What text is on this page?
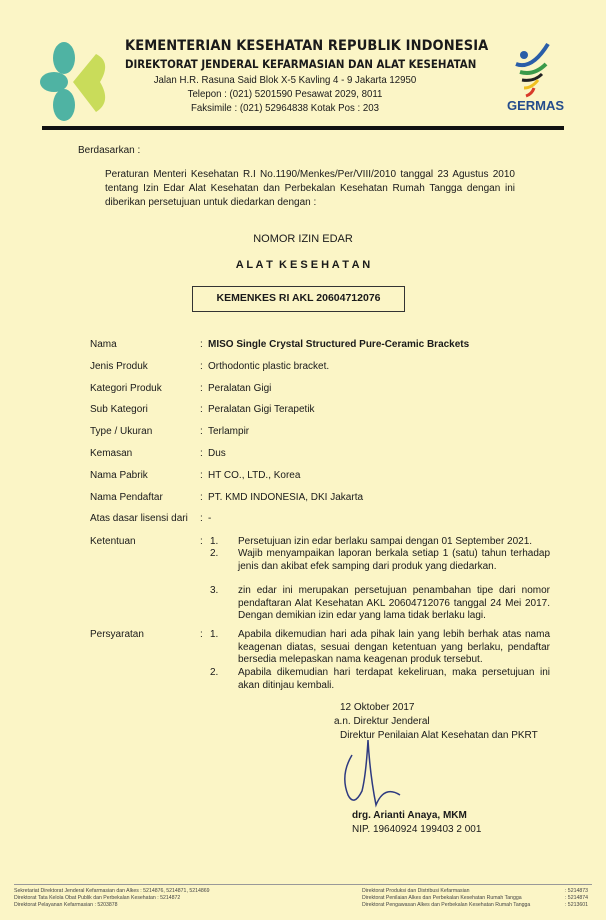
KEMENTERIAN KESEHATAN REPUBLIK INDONESIA
DIREKTORAT JENDERAL KEFARMASIAN DAN ALAT KESEHATAN
Jalan H.R. Rasuna Said Blok X-5 Kavling 4 - 9 Jakarta 12950
Telepon : (021) 5201590 Pesawat 2029, 8011
Faksimile : (021) 52964838 Kotak Pos : 203	GERMAS
Berdasarkan :
Peraturan Menteri Kesehatan R.I No.1190/Menkes/Per/VIII/2010 tanggal 23 Agustus 2010 tentang Izin Edar Alat Kesehatan dan Perbekalan Kesehatan Rumah Tangga dengan ini diberikan persetujuan untuk diedarkan dengan :
NOMOR IZIN EDAR
A L A T  K E S E H A T A N
KEMENKES RI AKL 20604712076
Nama	: MISO Single Crystal Structured Pure-Ceramic Brackets
Jenis Produk	: Orthodontic plastic bracket.
Kategori Produk	: Peralatan Gigi
Sub Kategori	: Peralatan Gigi Terapetik
Type / Ukuran	: Terlampir
Kemasan	: Dus
Nama Pabrik	: HT CO., LTD., Korea
Nama Pendaftar	: PT. KMD INDONESIA, DKI Jakarta
Atas dasar lisensi dari : -
Ketentuan	: 1. Persetujuan izin edar berlaku sampai dengan 01 September 2021.
2. Wajib menyampaikan laporan berkala setiap 1 (satu) tahun terhadap jenis dan akibat efek samping dari produk yang diedarkan.
3. zin edar ini merupakan persetujuan penambahan tipe dari nomor pendaftaran Alat Kesehatan AKL 20604712076 tanggal 24 Mei 2017. Dengan demikian izin edar yang lama tidak berlaku lagi.
Persyaratan	: 1. Apabila dikemudian hari ada pihak lain yang lebih berhak atas nama keagenan diatas, sesuai dengan ketentuan yang berlaku, pendaftar bersedia melepaskan nama keagenan produk tersebut.
2. Apabila dikemudian hari terdapat kekeliruan, maka persetujuan ini akan ditinjau kembali.
12 Oktober 2017
a.n. Direktur Jenderal
Direktur Penilaian Alat Kesehatan dan PKRT
drg. Arianti Anaya, MKM
NIP. 19640924 199403 2 001
Sekretariat Direktorat Jenderal Kefarmasian dan Alkes : 5214876, 5214871, 5214869
Direktorat Tata Kelola Obat Publik dan Perbekalan Kesehatan : 5214872
Direktorat Pelayanan Kefarmasian : 5203878
Direktorat Produksi dan Distribusi Kefarmasian	: 5214873
Direktorat Penilaian Alkes dan Perbekalan Kesehatan Rumah Tangga	: 5214874
Direktorat Pengawasan Alkes dan Perbekalan Kesehatan Rumah Tangga	: 5213601
